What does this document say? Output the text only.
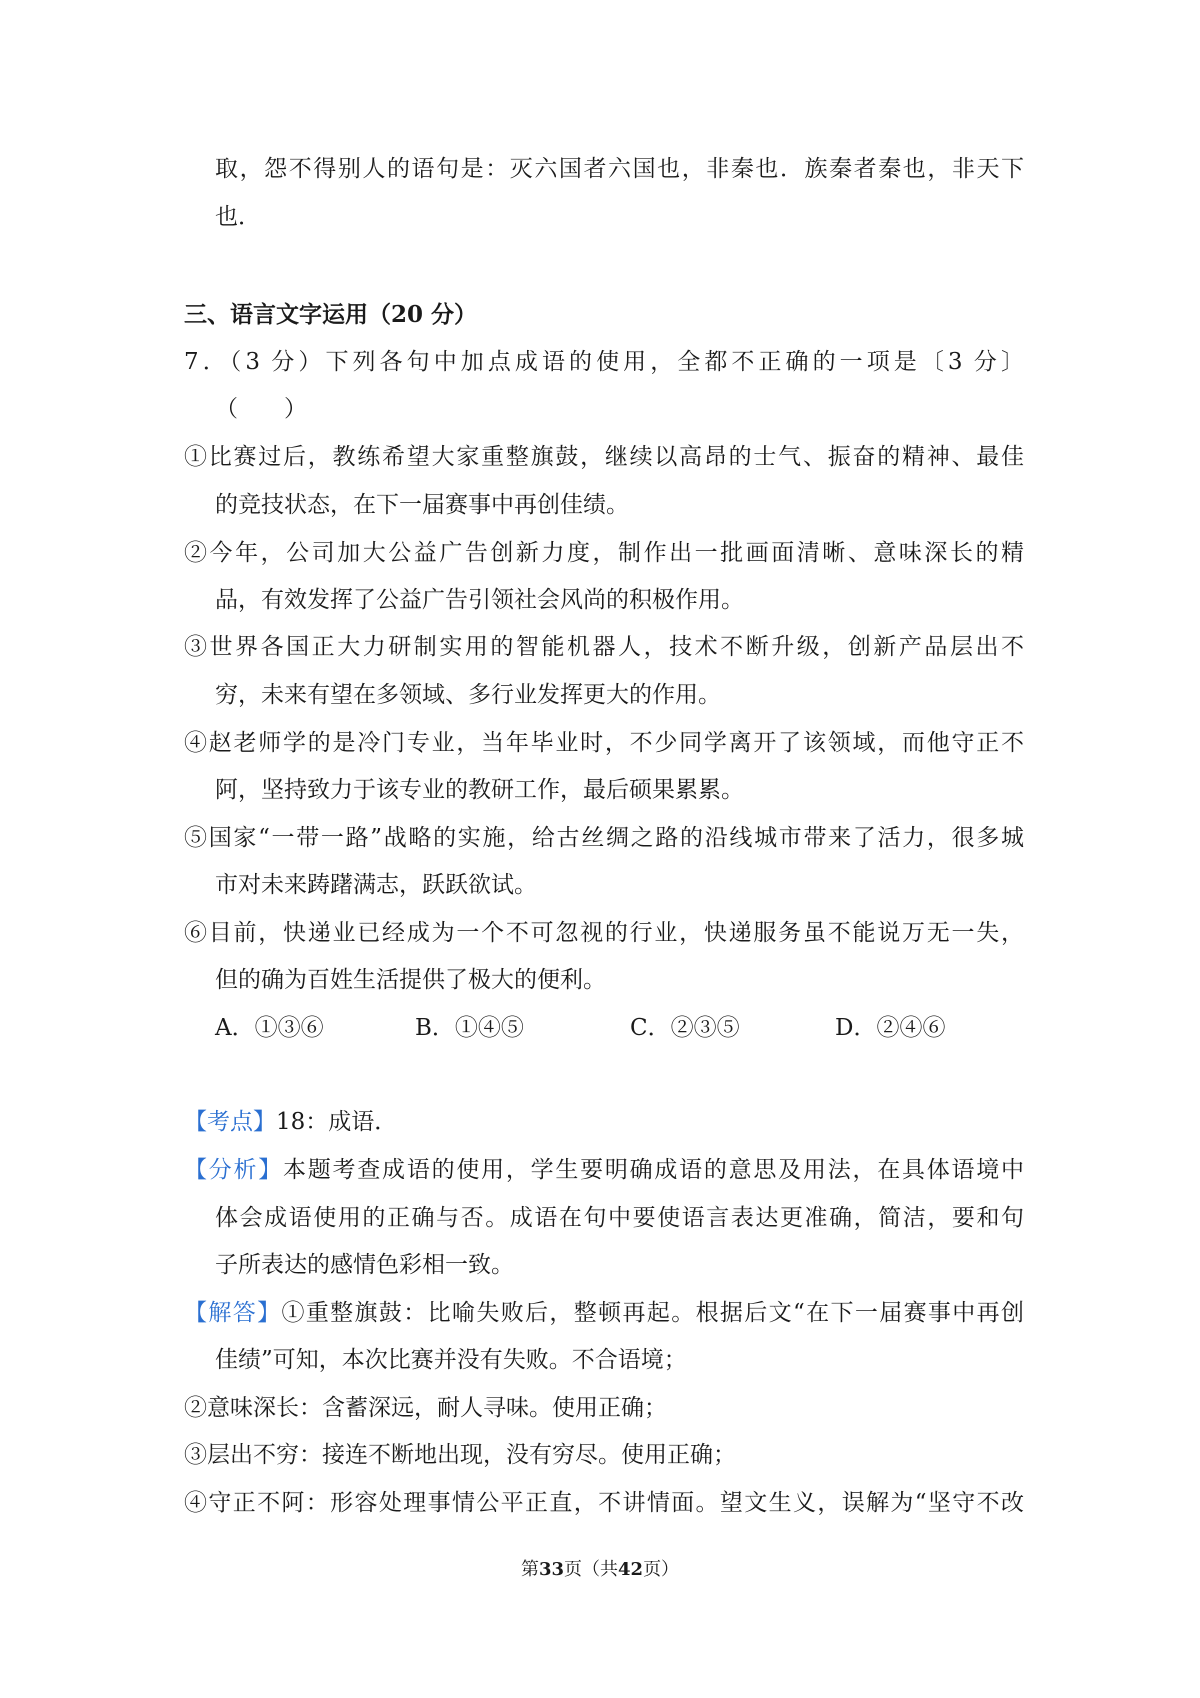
取，怨不得别人的语句是：灭六国者六国也，非秦也．族秦者秦也，非天下
也．
三、语言文字运用（20 分）
7．（3 分）下列各句中加点成语的使用，全都不正确的一项是〔3 分〕
（　　）
①比赛过后，教练希望大家重整旗鼓，继续以高昂的士气、振奋的精神、最佳
的竞技状态，在下一届赛事中再创佳绩。
②今年，公司加大公益广告创新力度，制作出一批画面清晰、意味深长的精
品，有效发挥了公益广告引领社会风尚的积极作用。
③世界各国正大力研制实用的智能机器人，技术不断升级，创新产品层出不
穷，未来有望在多领域、多行业发挥更大的作用。
④赵老师学的是冷门专业，当年毕业时，不少同学离开了该领域，而他守正不
阿，坚持致力于该专业的教研工作，最后硕果累累。
⑤国家“一带一路”战略的实施，给古丝绸之路的沿线城市带来了活力，很多城
市对未来踌躇满志，跃跃欲试。
⑥目前，快递业已经成为一个不可忽视的行业，快递服务虽不能说万无一失，
但的确为百姓生活提供了极大的便利。
A．①③⑥	B．①④⑤	C．②③⑤	D．②④⑥
【考点】18：成语．
【分析】本题考查成语的使用，学生要明确成语的意思及用法，在具体语境中
体会成语使用的正确与否。成语在句中要使语言表达更准确，简洁，要和句
子所表达的感情色彩相一致。
【解答】①重整旗鼓：比喻失败后，整顿再起。根据后文“在下一届赛事中再创
佳绩”可知，本次比赛并没有失败。不合语境；
②意味深长：含蓄深远，耐人寻味。使用正确；
③层出不穷：接连不断地出现，没有穷尽。使用正确；
④守正不阿：形容处理事情公平正直，不讲情面。望文生义，误解为“坚守不改
第33页（共42页）
